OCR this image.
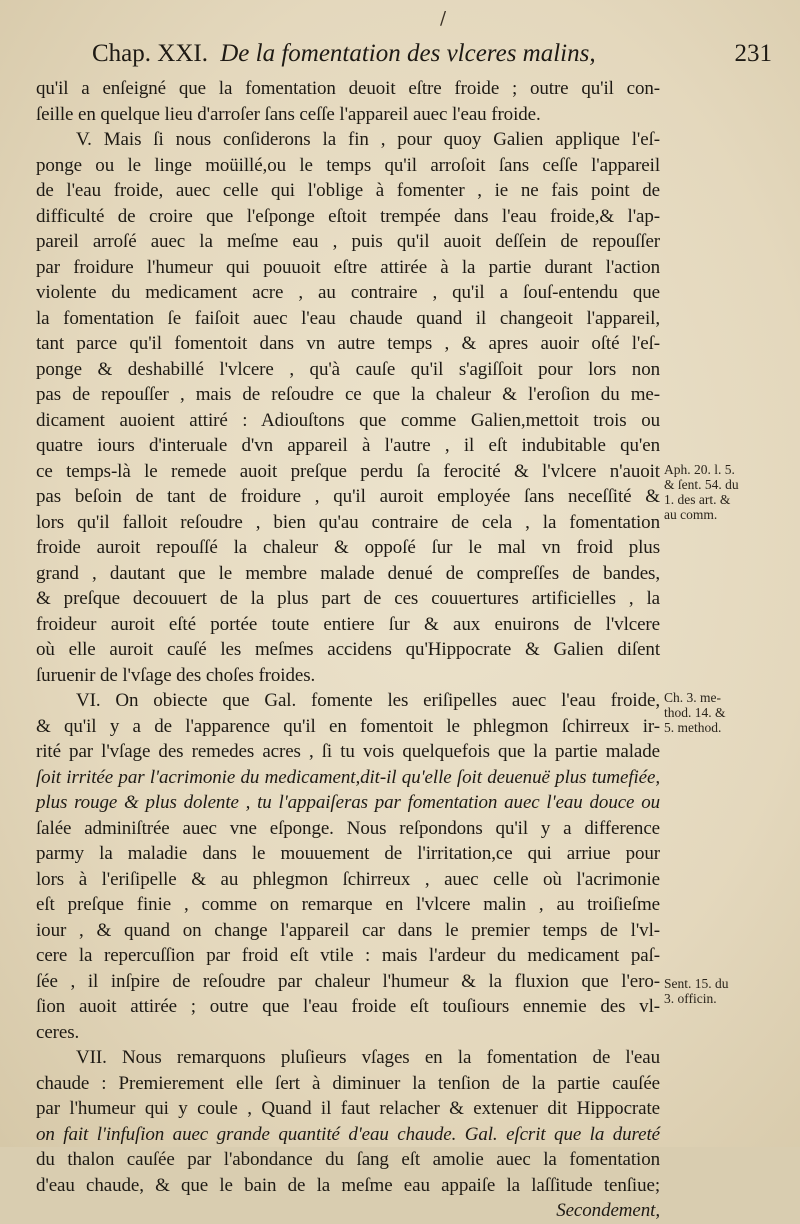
Chap. XXI. De la fomentation des vlceres malins,	231
/
qu'il a enſeigné que la fomentation deuoit eſtre froide ; outre qu'il con-
ſeille en quelque lieu d'arroſer ſans ceſſe l'appareil auec l'eau froide.
V. Mais ſi nous conſiderons la fin , pour quoy Galien applique l'eſ-
ponge ou le linge moüillé,ou le temps qu'il arroſoit ſans ceſſe l'appareil
de l'eau froide, auec celle qui l'oblige à fomenter , ie ne fais point de
difficulté de croire que l'eſponge eſtoit trempée dans l'eau froide,& l'ap-
pareil arroſé auec la meſme eau , puis qu'il auoit deſſein de repouſſer
par froidure l'humeur qui pouuoit eſtre attirée à la partie durant l'action
violente du medicament acre , au contraire , qu'il a ſouſ-entendu que
la fomentation ſe faiſoit auec l'eau chaude quand il changeoit l'appareil,
tant parce qu'il fomentoit dans vn autre temps , & apres auoir oſté l'eſ-
ponge & deshabillé l'vlcere , qu'à cauſe qu'il s'agiſſoit pour lors non
pas de repouſſer , mais de reſoudre ce que la chaleur & l'eroſion du me-
dicament auoient attiré : Adiouſtons que comme Galien,mettoit trois ou
quatre iours d'interuale d'vn appareil à l'autre , il eſt indubitable qu'en
ce temps-là le remede auoit preſque perdu ſa ferocité & l'vlcere n'auoit
pas beſoin de tant de froidure , qu'il auroit employée ſans neceſſité &
lors qu'il falloit reſoudre , bien qu'au contraire de cela , la fomentation
froide auroit repouſſé la chaleur & oppoſé ſur le mal vn froid plus
grand , dautant que le membre malade denué de compreſſes de bandes,
& preſque decouuert de la plus part de ces couuertures artificielles , la
froideur auroit eſté portée toute entiere ſur & aux enuirons de l'vlcere
où elle auroit cauſé les meſmes accidens qu'Hippocrate & Galien diſent
ſuruenir de l'vſage des choſes froides.
VI. On obiecte que Gal. fomente les eriſipelles auec l'eau froide,
& qu'il y a de l'apparence qu'il en fomentoit le phlegmon ſchirreux ir-
rité par l'vſage des remedes acres , ſi tu vois quelquefois que la partie malade
ſoit irritée par l'acrimonie du medicament,dit-il qu'elle ſoit deuenuë plus tumefiée,
plus rouge & plus dolente , tu l'appaiſeras par fomentation auec l'eau douce ou
ſalée adminiſtrée auec vne eſponge. Nous reſpondons qu'il y a difference
parmy la maladie dans le mouuement de l'irritation,ce qui arriue pour
lors à l'eriſipelle & au phlegmon ſchirreux , auec celle où l'acrimonie
eſt preſque finie , comme on remarque en l'vlcere malin , au troiſieſme
iour , & quand on change l'appareil car dans le premier temps de l'vl-
cere la repercuſſion par froid eſt vtile : mais l'ardeur du medicament paſ-
ſée , il inſpire de reſoudre par chaleur l'humeur & la fluxion que l'ero-
ſion auoit attirée ; outre que l'eau froide eſt touſiours ennemie des vl-
ceres.
VII. Nous remarquons pluſieurs vſages en la fomentation de l'eau
chaude : Premierement elle ſert à diminuer la tenſion de la partie cauſée
par l'humeur qui y coule , Quand il faut relacher & extenuer dit Hippocrate
on fait l'infuſion auec grande quantité d'eau chaude. Gal. eſcrit que la dureté
du thalon cauſée par l'abondance du ſang eſt amolie auec la fomentation
d'eau chaude, & que le bain de la meſme eau appaiſe la laſſitude tenſiue;
Secondement,
Aph. 20. l. 5.
& ſent. 54. du
1. des art. &
au comm.
Ch. 3. me-
thod. 14. &
5. method.
Sent. 15. du
3. officin.
